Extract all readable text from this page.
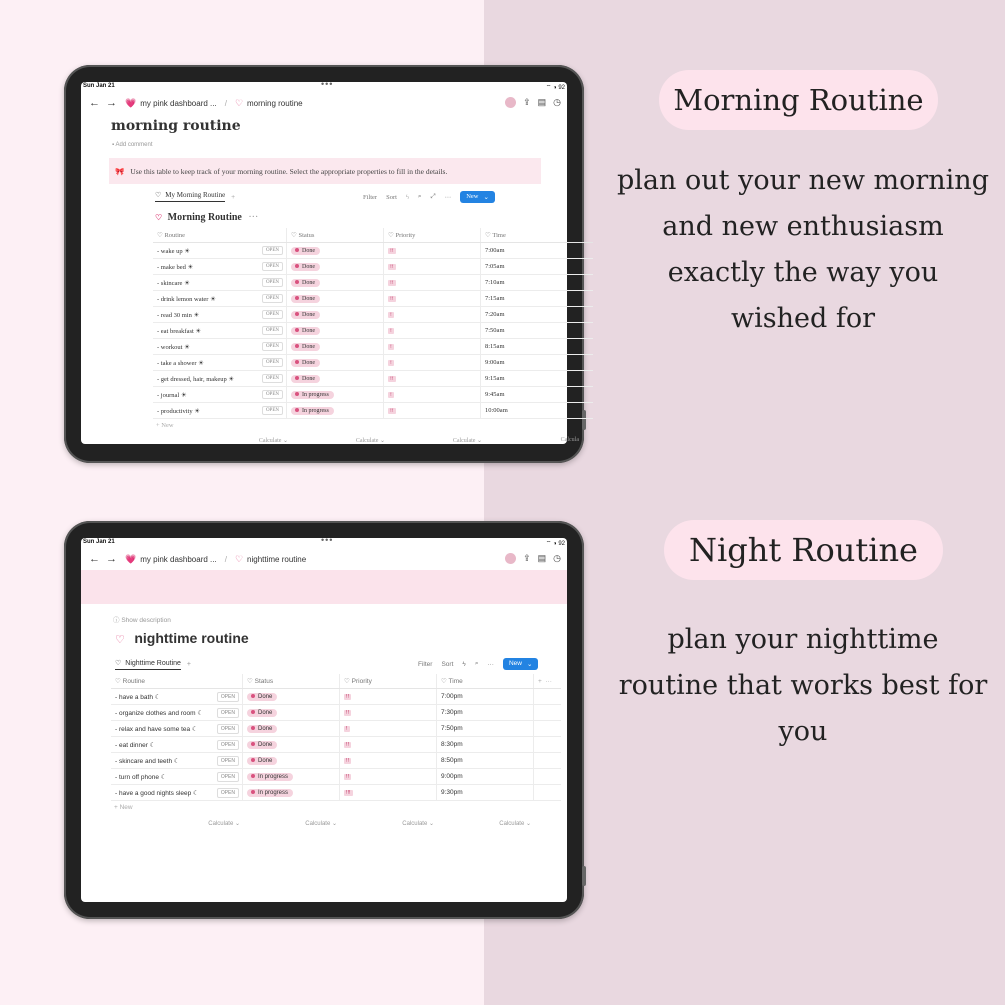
Sun Jan 21	•••	⌔ ◑ 92
← → 💗 my pink dashboard ... / ♡ morning routine	⇪ ▤ ◷
morning routine
▪ Add comment
🎀 Use this table to keep track of your morning routine. Select the appropriate properties to fill in the details.
♡ My Morning Routine +	Filter Sort ϟ ⌕ ⤢ ··· New ⌄
♡ Morning Routine ···
♡ Routine	♡ Status	♡ Priority	♡ Time
- wake up ☀︎ OPEN	Done	!!	7:00am
- make bed ☀︎ OPEN	Done	!!	7:05am
- skincare ☀︎ OPEN	Done	!!	7:10am
- drink lemon water ☀︎ OPEN	Done	!!	7:15am
- read 30 min ☀︎ OPEN	Done	!	7:20am
- eat breakfast ☀︎ OPEN	Done	!	7:50am
- workout ☀︎ OPEN	Done	!	8:15am
- take a shower ☀︎ OPEN	Done	!	9:00am
- get dressed, hair, makeup ☀︎ OPEN	Done	!!	9:15am
- journal ☀︎ OPEN	In progress	!	9:45am
- productivity ☀︎ OPEN	In progress	!!	10:00am
+ New
Calculate ⌄	Calculate ⌄	Calculate ⌄	Calcula
Sun Jan 21	•••	⌔ ◑ 92
← → 💗 my pink dashboard ... / ♡ nighttime routine	⇪ ▤ ◷
ⓘ Show description
♡ nighttime routine
♡ Nighttime Routine +	Filter Sort ϟ ⌕ ··· New ⌄
♡ Routine	♡ Status	♡ Priority	♡ Time	+  ···
- have a bath ☾ OPEN	Done	!!	7:00pm	
- organize clothes and room ☾ OPEN	Done	!!	7:30pm	
- relax and have some tea ☾ OPEN	Done	!	7:50pm	
- eat dinner ☾ OPEN	Done	!!	8:30pm	
- skincare and teeth ☾ OPEN	Done	!!	8:50pm	
- turn off phone ☾ OPEN	In progress	!!	9:00pm	
- have a good nights sleep ☾ OPEN	In progress	!!!	9:30pm	
+ New
Calculate ⌄	Calculate ⌄	Calculate ⌄	Calculate ⌄
Morning Routine
plan out your new morning
and new enthusiasm
exactly the way you
wished for
Night Routine
plan your nighttime
routine that works best for
you
